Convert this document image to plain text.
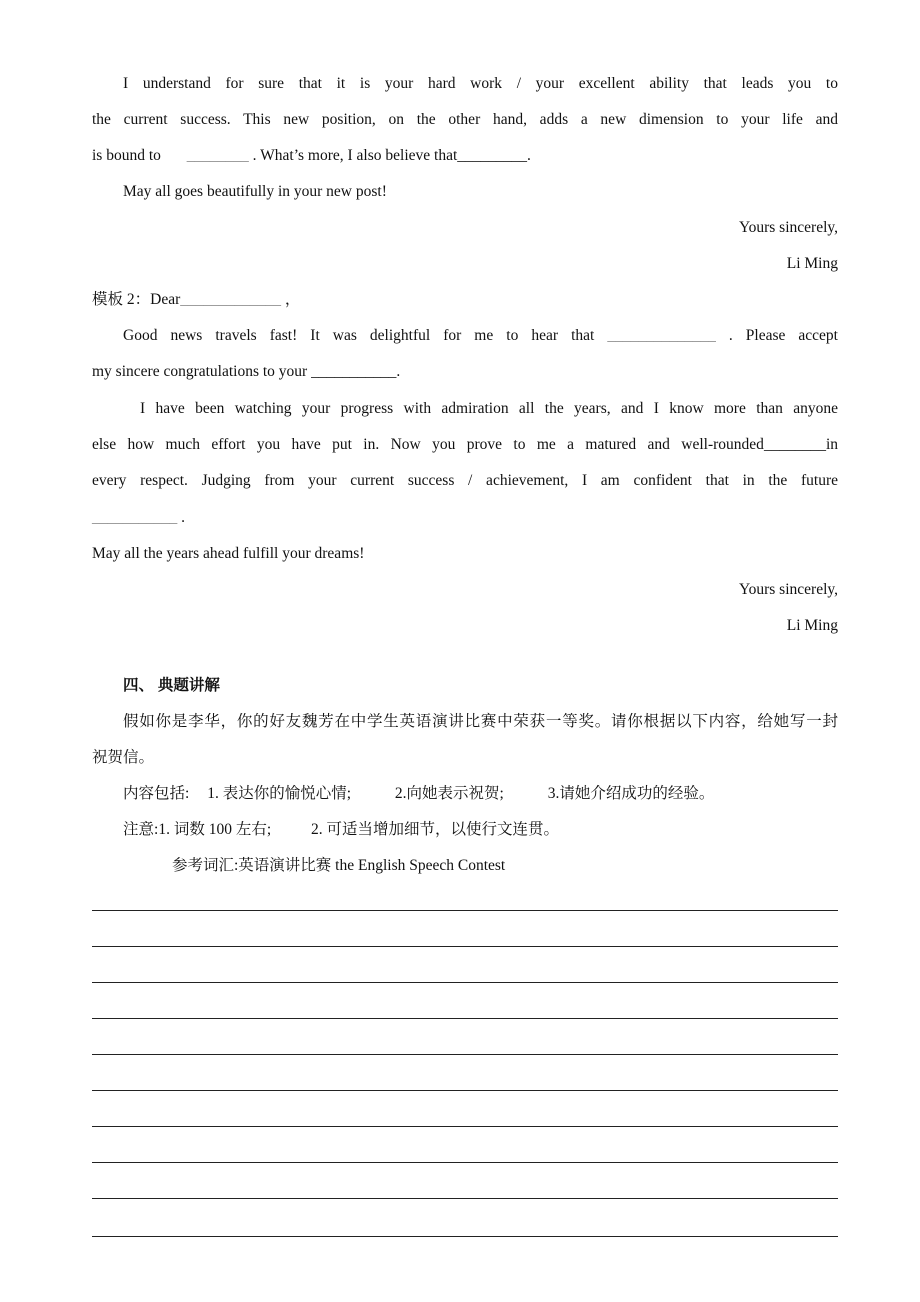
I understand for sure that it is your hard work / your excellent ability that leads you to
the current success. This new position, on the other hand, adds a new dimension to your life and
is bound to ________ . What’s more, I also believe that_________.
May all goes beautifully in your new post!
Yours sincerely,
Li Ming
模板 2：Dear_____________ ，
Good news travels fast! It was delightful for me to hear that ______________ . Please accept
my sincere congratulations to your ___________.
I have been watching your progress with admiration all the years, and I know more than anyone
else how much effort you have put in. Now you prove to me a matured and well-rounded________in
every respect. Judging from your current success / achievement, I am confident that in the future
___________ .
May all the years ahead fulfill your dreams!
Yours sincerely,
Li Ming
四、 典题讲解
假如你是李华，你的好友魏芳在中学生英语演讲比赛中荣获一等奖。请你根据以下内容，给她写一封
祝贺信。
内容包括: 1. 表达你的愉悦心情;	2.向她表示祝贺;	3.请她介绍成功的经验。
注意:1. 词数 100 左右;	2. 可适当增加细节，以使行文连贯。
参考词汇:英语演讲比赛 the English Speech Contest
